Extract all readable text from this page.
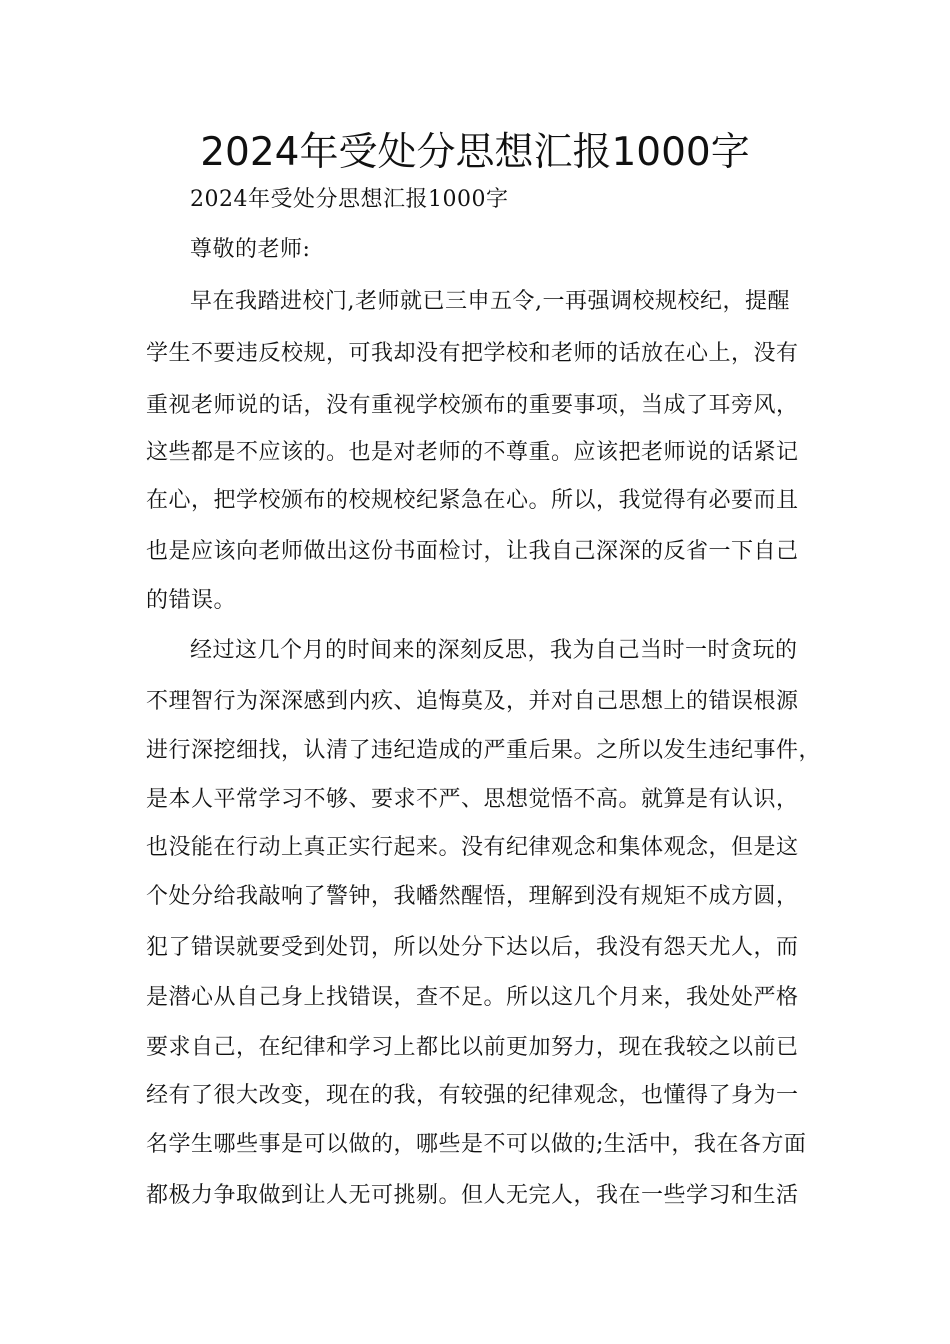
2024年受处分思想汇报1000字
2024年受处分思想汇报1000字
尊敬的老师:
早在我踏进校门,老师就已三申五令,一再强调校规校纪，提醒
学生不要违反校规，可我却没有把学校和老师的话放在心上，没有
重视老师说的话，没有重视学校颁布的重要事项，当成了耳旁风，
这些都是不应该的。也是对老师的不尊重。应该把老师说的话紧记
在心，把学校颁布的校规校纪紧急在心。所以，我觉得有必要而且
也是应该向老师做出这份书面检讨，让我自己深深的反省一下自己
的错误。
经过这几个月的时间来的深刻反思，我为自己当时一时贪玩的
不理智行为深深感到内疚、追悔莫及，并对自己思想上的错误根源
进行深挖细找，认清了违纪造成的严重后果。之所以发生违纪事件，
是本人平常学习不够、要求不严、思想觉悟不高。就算是有认识，
也没能在行动上真正实行起来。没有纪律观念和集体观念，但是这
个处分给我敲响了警钟，我幡然醒悟，理解到没有规矩不成方圆，
犯了错误就要受到处罚，所以处分下达以后，我没有怨天尤人，而
是潜心从自己身上找错误，查不足。所以这几个月来，我处处严格
要求自己，在纪律和学习上都比以前更加努力，现在我较之以前已
经有了很大改变，现在的我，有较强的纪律观念，也懂得了身为一
名学生哪些事是可以做的，哪些是不可以做的;生活中，我在各方面
都极力争取做到让人无可挑剔。但人无完人，我在一些学习和生活
